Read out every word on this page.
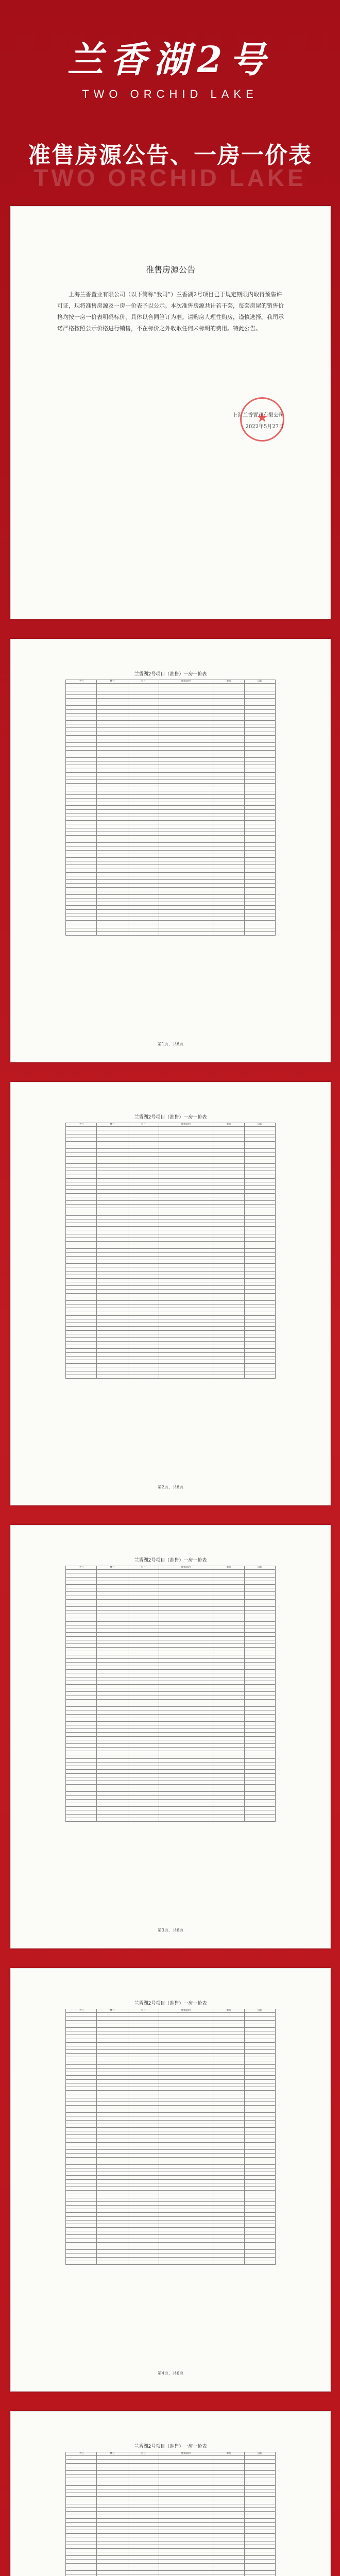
兰香湖2号
TWO ORCHID LAKE
准售房源公告、一房一价表
TWO ORCHID LAKE
准售房源公告
上海兰香置业有限公司（以下简称“我司”）兰香湖2号项目已于规定期限内取得预售许可证，现将准售房源及一房一价表予以公示。本次准售房源共计若干套，每套房屋的销售价格均按一房一价表明码标价，具体以合同签订为准。请购房人理性购房，谨慎选择。我司承诺严格按照公示价格进行销售，不在标价之外收取任何未标明的费用。特此公告。
上海兰香置业有限公司
2022年5月27日
★
兰香湖2号项目（准售）一房一价表
序号	楼号	室号	建筑面积	单价	总价

第1页，共6页
兰香湖2号项目（准售）一房一价表
序号	楼号	室号	建筑面积	单价	总价

第2页，共6页
兰香湖2号项目（准售）一房一价表
序号	楼号	室号	建筑面积	单价	总价

第3页，共6页
兰香湖2号项目（准售）一房一价表
序号	楼号	室号	建筑面积	单价	总价

第4页，共6页
兰香湖2号项目（准售）一房一价表
序号	楼号	室号	建筑面积	单价	总价
